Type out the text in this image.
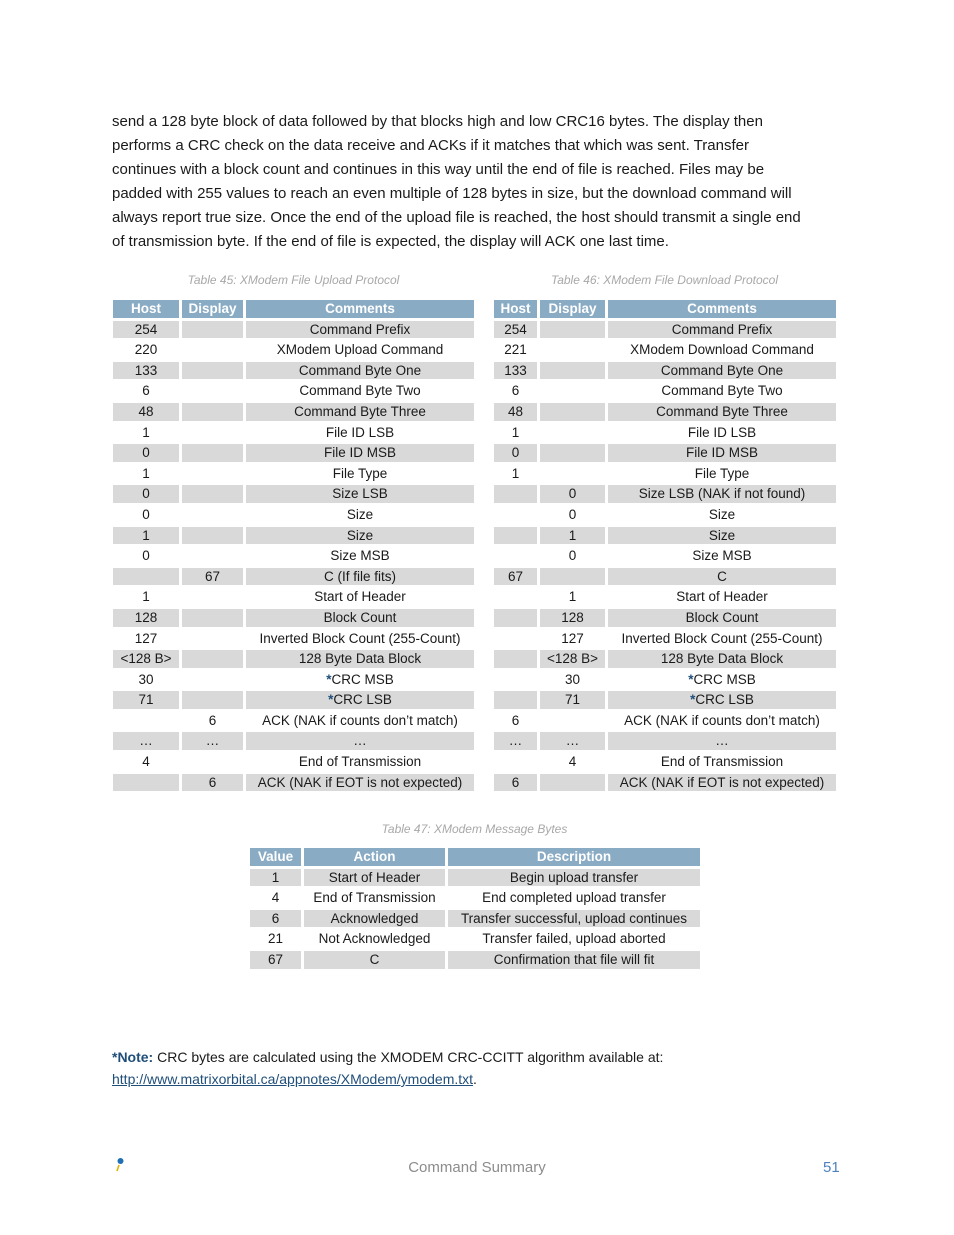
send a 128 byte block of data followed by that blocks high and low CRC16 bytes. The display then
performs a CRC check on the data receive and ACKs if it matches that which was sent. Transfer
continues with a block count and continues in this way until the end of file is reached. Files may be
padded with 255 values to reach an even multiple of 128 bytes in size, but the download command will
always report true size. Once the end of the upload file is reached, the host should transmit a single end
of transmission byte. If the end of file is expected, the display will ACK one last time.
Table 45: XModem File Upload Protocol
Host	Display	Comments
254		Command Prefix
220		XModem Upload Command
133		Command Byte One
6		Command Byte Two
48		Command Byte Three
1		File ID LSB
0		File ID MSB
1		File Type
0		Size LSB
0		Size
1		Size
0		Size MSB
	67	C (If file fits)
1		Start of Header
128		Block Count
127		Inverted Block Count (255-Count)
<128 B>		128 Byte Data Block
30		*CRC MSB
71		*CRC LSB
	6	ACK (NAK if counts don’t match)
…	…	…
4		End of Transmission
	6	ACK (NAK if EOT is not expected)
Table 46: XModem File Download Protocol
Host	Display	Comments
254		Command Prefix
221		XModem Download Command
133		Command Byte One
6		Command Byte Two
48		Command Byte Three
1		File ID LSB
0		File ID MSB
1		File Type
	0	Size LSB (NAK if not found)
	0	Size
	1	Size
	0	Size MSB
67		C
	1	Start of Header
	128	Block Count
	127	Inverted Block Count (255-Count)
	<128 B>	128 Byte Data Block
	30	*CRC MSB
	71	*CRC LSB
6		ACK (NAK if counts don’t match)
…	…	…
	4	End of Transmission
6		ACK (NAK if EOT is not expected)
Table 47: XModem Message Bytes
Value	Action	Description
1	Start of Header	Begin upload transfer
4	End of Transmission	End completed upload transfer
6	Acknowledged	Transfer successful, upload continues
21	Not Acknowledged	Transfer failed, upload aborted
67	C	Confirmation that file will fit
*Note: CRC bytes are calculated using the XMODEM CRC-CCITT algorithm available at:
http://www.matrixorbital.ca/appnotes/XModem/ymodem.txt.
Command Summary	51
